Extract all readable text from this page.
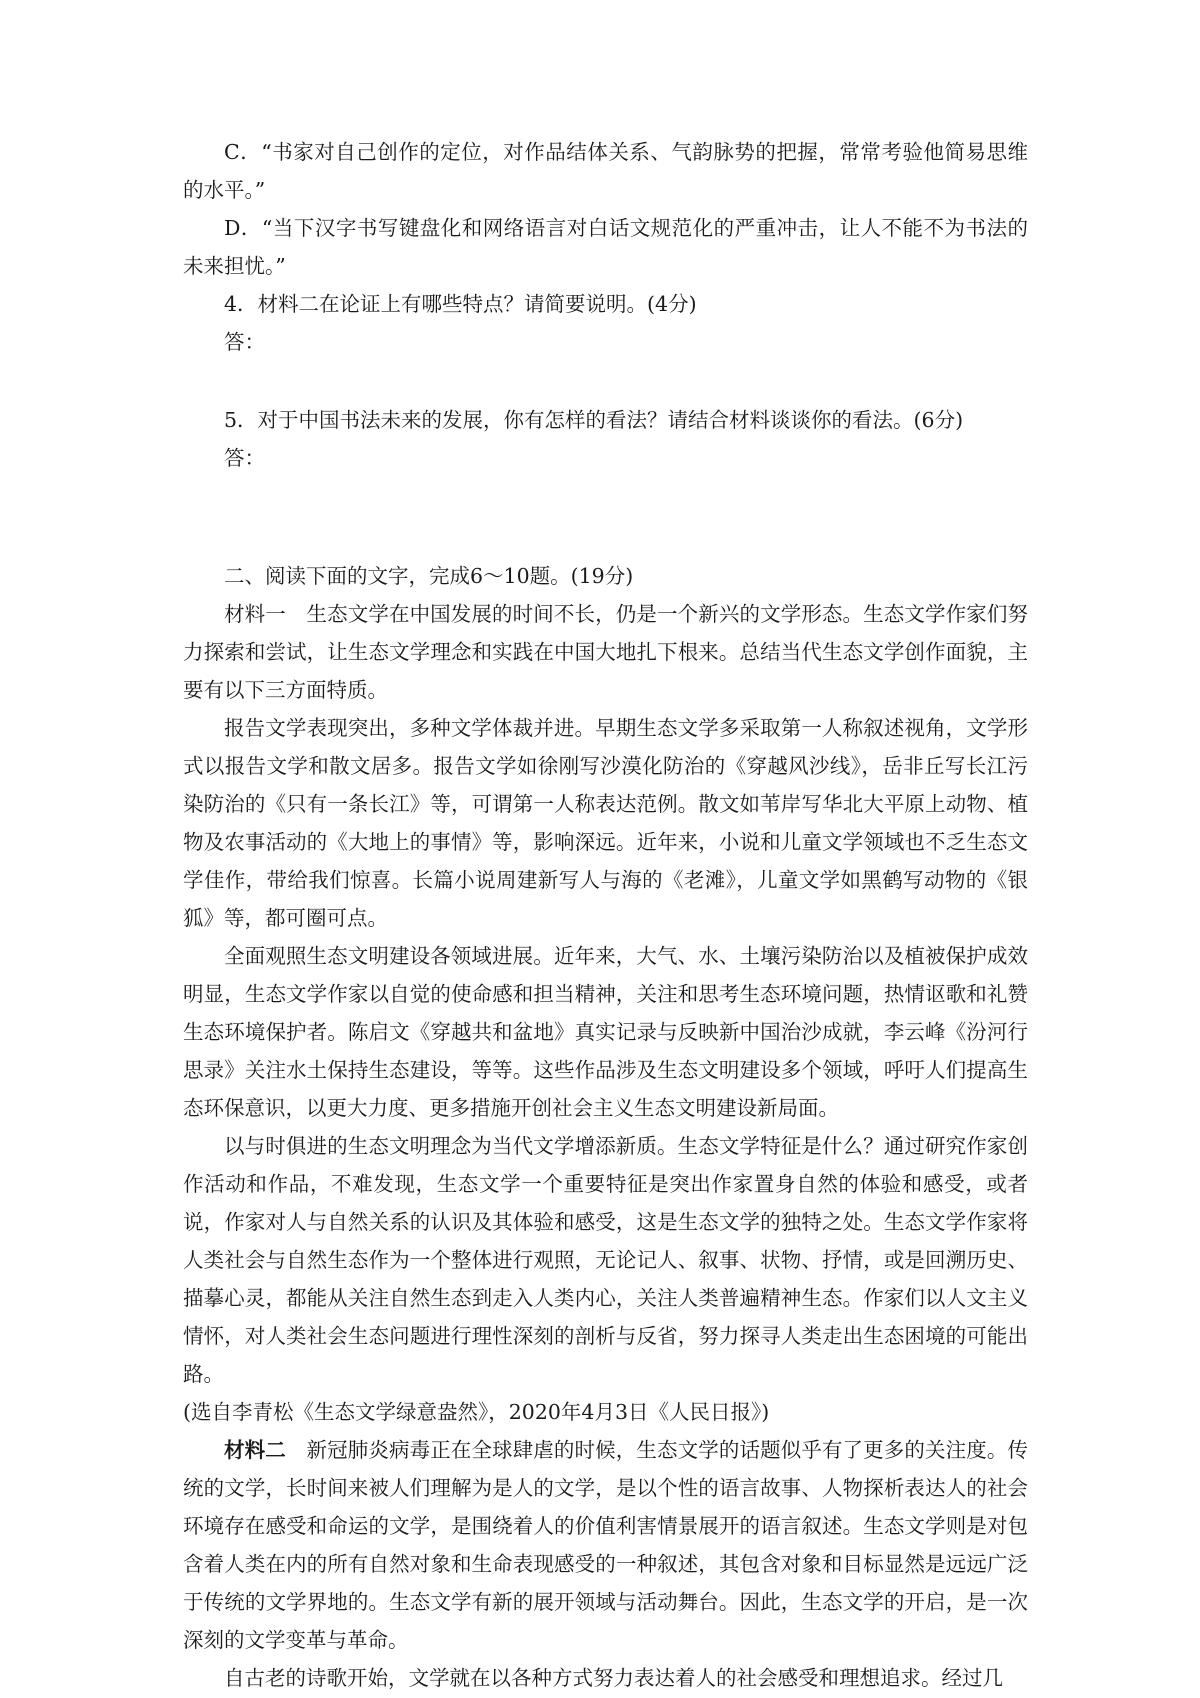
C．“书家对自己创作的定位，对作品结体关系、气韵脉势的把握，常常考验他简易思维的水平。”

D．“当下汉字书写键盘化和网络语言对白话文规范化的严重冲击，让人不能不为书法的未来担忧。”

4．材料二在论证上有哪些特点？请简要说明。(4分)

答：

5．对于中国书法未来的发展，你有怎样的看法？请结合材料谈谈你的看法。(6分)

答：

二、阅读下面的文字，完成6～10题。(19分)

材料一　生态文学在中国发展的时间不长，仍是一个新兴的文学形态。生态文学作家们努力探索和尝试，让生态文学理念和实践在中国大地扎下根来。总结当代生态文学创作面貌，主要有以下三方面特质。

报告文学表现突出，多种文学体裁并进。早期生态文学多采取第一人称叙述视角，文学形式以报告文学和散文居多。报告文学如徐刚写沙漠化防治的《穿越风沙线》，岳非丘写长江污染防治的《只有一条长江》等，可谓第一人称表达范例。散文如苇岸写华北大平原上动物、植物及农事活动的《大地上的事情》等，影响深远。近年来，小说和儿童文学领域也不乏生态文学佳作，带给我们惊喜。长篇小说周建新写人与海的《老滩》，儿童文学如黑鹤写动物的《银狐》等，都可圈可点。

全面观照生态文明建设各领域进展。近年来，大气、水、土壤污染防治以及植被保护成效明显，生态文学作家以自觉的使命感和担当精神，关注和思考生态环境问题，热情讴歌和礼赞生态环境保护者。陈启文《穿越共和盆地》真实记录与反映新中国治沙成就，李云峰《汾河行思录》关注水土保持生态建设，等等。这些作品涉及生态文明建设多个领域，呼吁人们提高生态环保意识，以更大力度、更多措施开创社会主义生态文明建设新局面。

以与时俱进的生态文明理念为当代文学增添新质。生态文学特征是什么？通过研究作家创作活动和作品，不难发现，生态文学一个重要特征是突出作家置身自然的体验和感受，或者说，作家对人与自然关系的认识及其体验和感受，这是生态文学的独特之处。生态文学作家将人类社会与自然生态作为一个整体进行观照，无论记人、叙事、状物、抒情，或是回溯历史、描摹心灵，都能从关注自然生态到走入人类内心，关注人类普遍精神生态。作家们以人文主义情怀，对人类社会生态问题进行理性深刻的剖析与反省，努力探寻人类走出生态困境的可能出路。

(选自李青松《生态文学绿意盎然》，2020年4月3日《人民日报》)

材料二　 新冠肺炎病毒正在全球肆虐的时候，生态文学的话题似乎有了更多的关注度。传统的文学，长时间来被人们理解为是人的文学，是以个性的语言故事、人物探析表达人的社会环境存在感受和命运的文学，是围绕着人的价值利害情景展开的语言叙述。生态文学则是对包含着人类在内的所有自然对象和生命表现感受的一种叙述，其包含对象和目标显然是远远广泛于传统的文学界地的。生态文学有新的展开领域与活动舞台。因此，生态文学的开启，是一次深刻的文学变革与革命。

自古老的诗歌开始，文学就在以各种方式努力表达着人的社会感受和理想追求。经过几
